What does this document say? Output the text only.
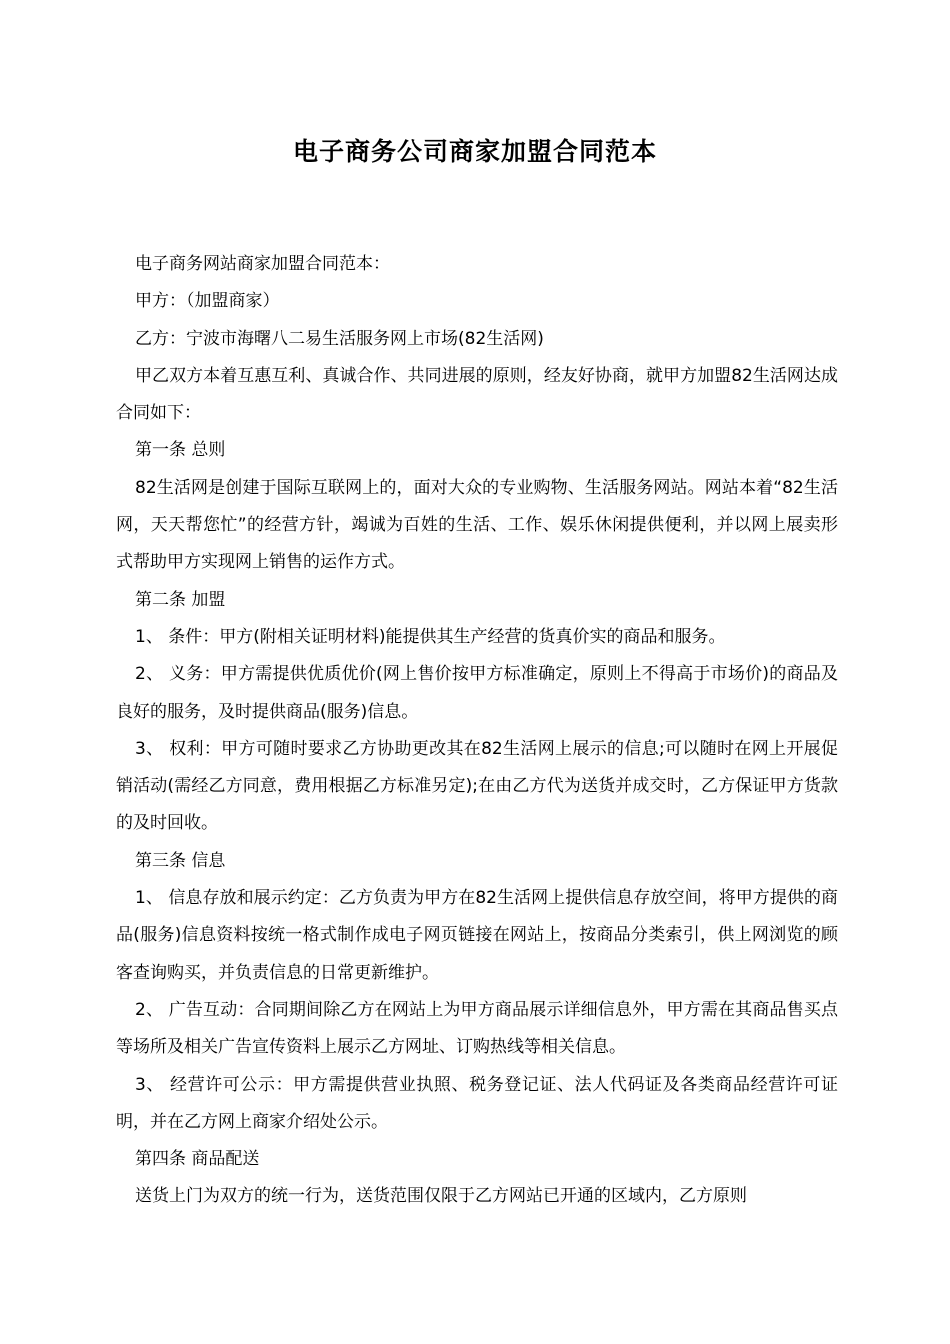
电子商务公司商家加盟合同范本

电子商务网站商家加盟合同范本：

甲方：（加盟商家）

乙方：宁波市海曙八二易生活服务网上市场(82生活网)

甲乙双方本着互惠互利、真诚合作、共同进展的原则，经友好协商，就甲方加盟82生活网达成合同如下：

第一条 总则

82生活网是创建于国际互联网上的，面对大众的专业购物、生活服务网站。网站本着“82生活网，天天帮您忙”的经营方针，竭诚为百姓的生活、工作、娱乐休闲提供便利，并以网上展卖形式帮助甲方实现网上销售的运作方式。

第二条 加盟

1、 条件：甲方(附相关证明材料)能提供其生产经营的货真价实的商品和服务。

2、 义务：甲方需提供优质优价(网上售价按甲方标准确定，原则上不得高于市场价)的商品及良好的服务，及时提供商品(服务)信息。

3、 权利：甲方可随时要求乙方协助更改其在82生活网上展示的信息;可以随时在网上开展促销活动(需经乙方同意，费用根据乙方标准另定);在由乙方代为送货并成交时，乙方保证甲方货款的及时回收。

第三条 信息

1、 信息存放和展示约定：乙方负责为甲方在82生活网上提供信息存放空间，将甲方提供的商品(服务)信息资料按统一格式制作成电子网页链接在网站上，按商品分类索引，供上网浏览的顾客查询购买，并负责信息的日常更新维护。

2、 广告互动：合同期间除乙方在网站上为甲方商品展示详细信息外，甲方需在其商品售买点等场所及相关广告宣传资料上展示乙方网址、订购热线等相关信息。

3、 经营许可公示：甲方需提供营业执照、税务登记证、法人代码证及各类商品经营许可证明，并在乙方网上商家介绍处公示。

第四条 商品配送

送货上门为双方的统一行为，送货范围仅限于乙方网站已开通的区域内，乙方原则
